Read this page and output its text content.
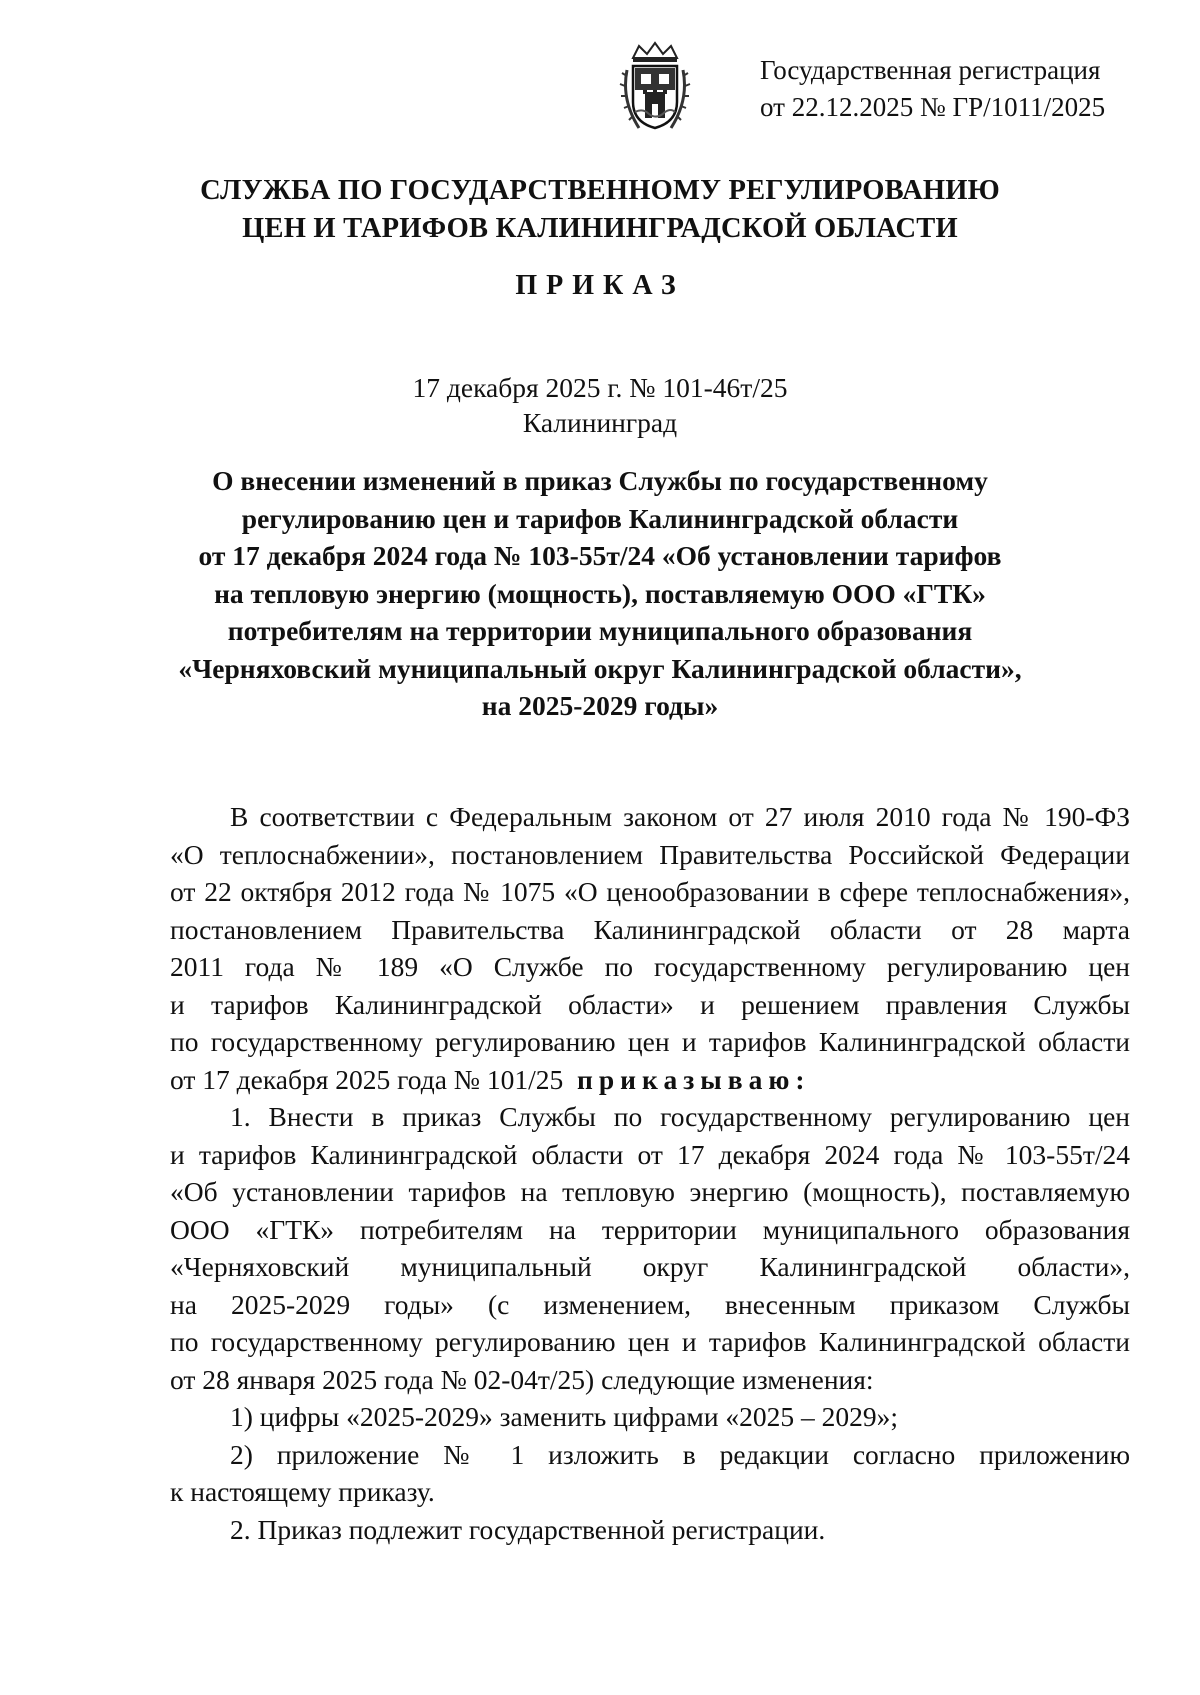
Государственная регистрация
от 22.12.2025 № ГР/1011/2025
СЛУЖБА ПО ГОСУДАРСТВЕННОМУ РЕГУЛИРОВАНИЮ
ЦЕН И ТАРИФОВ КАЛИНИНГРАДСКОЙ ОБЛАСТИ
ПРИКАЗ
17 декабря 2025 г. № 101-46т/25
Калининград
О внесении изменений в приказ Службы по государственному
регулированию цен и тарифов Калининградской области
от 17 декабря 2024 года № 103-55т/24 «Об установлении тарифов
на тепловую энергию (мощность), поставляемую ООО «ГТК»
потребителям на территории муниципального образования
«Черняховский муниципальный округ Калининградской области»,
на 2025-2029 годы»
В соответствии с Федеральным законом от 27 июля 2010 года № 190-ФЗ
«О теплоснабжении», постановлением Правительства Российской Федерации
от 22 октября 2012 года № 1075 «О ценообразовании в сфере теплоснабжения»,
постановлением Правительства Калининградской области от 28 марта
2011 года № 189 «О Службе по государственному регулированию цен
и тарифов Калининградской области» и решением правления Службы
по государственному регулированию цен и тарифов Калининградской области
от 17 декабря 2025 года № 101/25 приказываю:
1. Внести в приказ Службы по государственному регулированию цен
и тарифов Калининградской области от 17 декабря 2024 года № 103-55т/24
«Об установлении тарифов на тепловую энергию (мощность), поставляемую
ООО «ГТК» потребителям на территории муниципального образования
«Черняховский муниципальный округ Калининградской области»,
на 2025-2029 годы» (с изменением, внесенным приказом Службы
по государственному регулированию цен и тарифов Калининградской области
от 28 января 2025 года № 02-04т/25) следующие изменения:
1) цифры «2025-2029» заменить цифрами «2025 – 2029»;
2) приложение № 1 изложить в редакции согласно приложению
к настоящему приказу.
2. Приказ подлежит государственной регистрации.
